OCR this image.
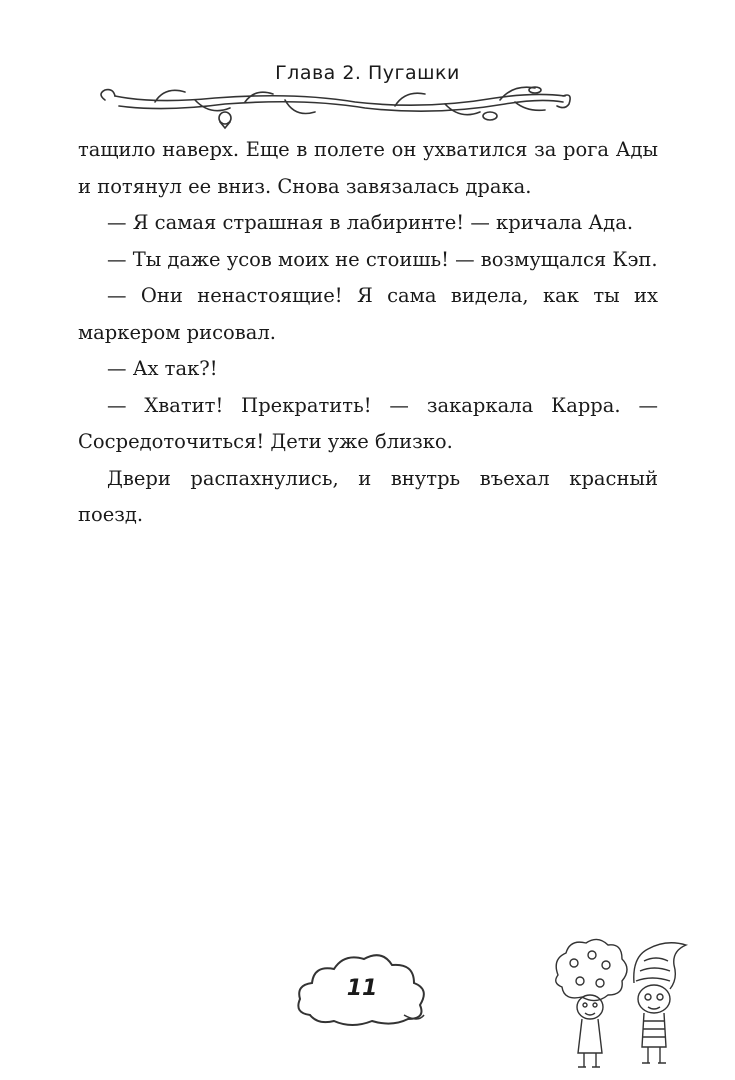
Глава 2. Пугашки

тащило наверх. Еще в полете он ухватился за рога Ады и потянул ее вниз. Снова завязалась драка.

— Я самая страшная в лабиринте! — кричала Ада.

— Ты даже усов моих не стоишь! — возмущался Кэп.

— Они ненастоящие! Я сама видела, как ты их маркером рисовал.

— Ах так?!

— Хватит! Прекратить! — закаркала Карра. — Сосредоточиться! Дети уже близко.

Двери распахнулись, и внутрь въехал красный поезд.

11
